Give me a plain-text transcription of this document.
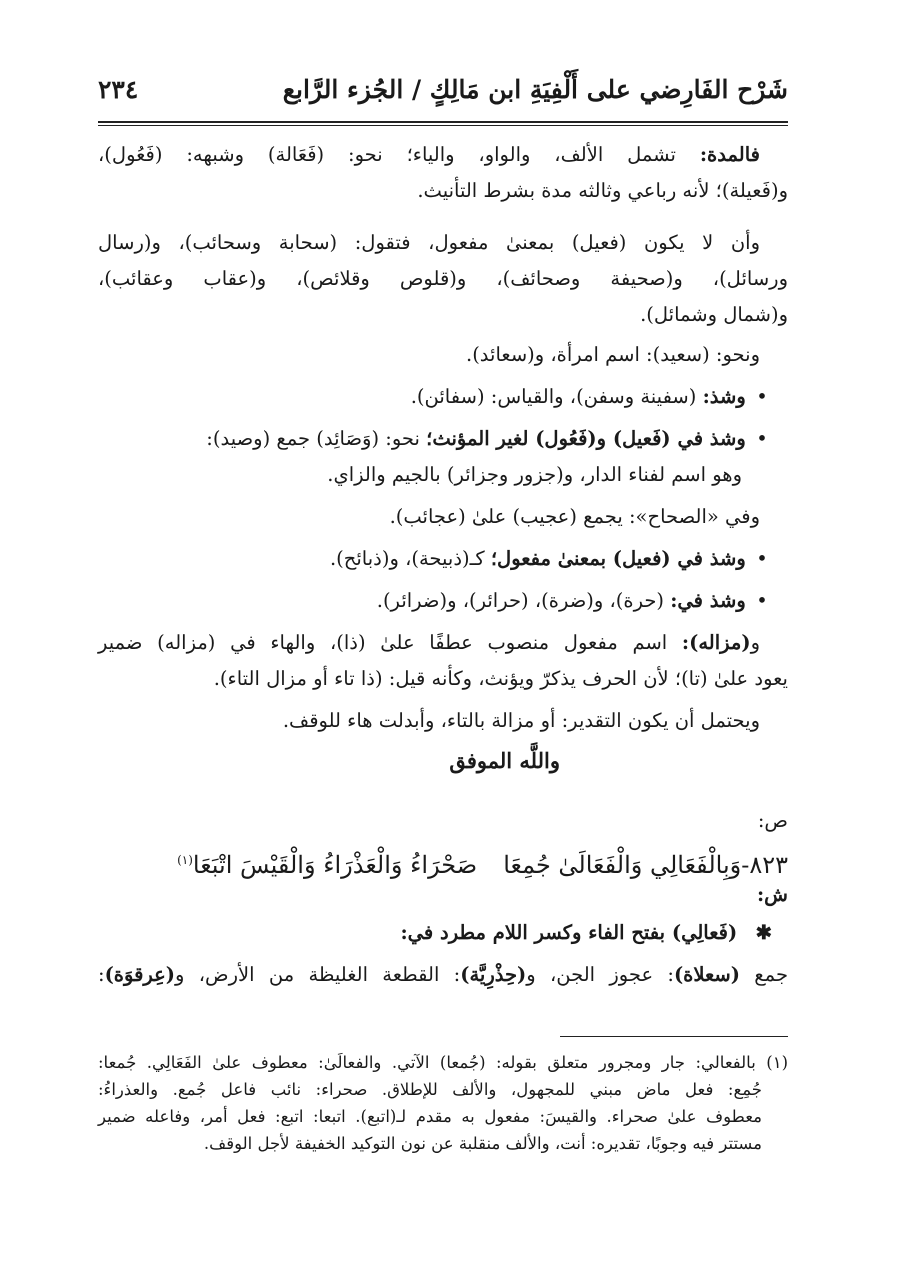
شَرْح الفَارِضي على أَلْفِيَةِ ابن مَالِكٍ / الجُزء الرَّابع
٢٣٤
فالمدة: تشمل الألف، والواو، والياء؛ نحو: (فَعَالة) وشبهه: (فَعُول)،
و(فَعيلة)؛ لأنه رباعي وثالثه مدة بشرط التأنيث.
وأن لا يكون (فعيل) بمعنىٰ مفعول، فتقول: (سحابة وسحائب)، و(رسال
ورسائل)، و(صحيفة وصحائف)، و(قلوص وقلائص)، و(عقاب وعقائب)،
و(شمال وشمائل).
ونحو: (سعيد): اسم امرأة، و(سعائد).
• وشذ: (سفينة وسفن)، والقياس: (سفائن).
• وشذ في (فَعيل) و(فَعُول) لغير المؤنث؛ نحو: (وَصَائِد) جمع (وصيد):
وهو اسم لفناء الدار، و(جزور وجزائر) بالجيم والزاي.
وفي «الصحاح»: يجمع (عجيب) علىٰ (عجائب).
• وشذ في (فعيل) بمعنىٰ مفعول؛ كـ(ذبيحة)، و(ذبائح).
• وشذ في: (حرة)، و(ضرة)، (حرائر)، و(ضرائر).
و(مزاله): اسم مفعول منصوب عطفًا علىٰ (ذا)، والهاء في (مزاله) ضمير
يعود علىٰ (تا)؛ لأن الحرف يذكرّ ويؤنث، وكأنه قيل: (ذا تاء أو مزال التاء).
ويحتمل أن يكون التقدير: أو مزالة بالتاء، وأبدلت هاء للوقف.
واللَّه الموفق
ص:
٨٢٣-وَبِالْفَعَالِي وَالْفَعَالَىٰ جُمِعَاصَحْرَاءُ وَالْعَذْرَاءُ وَالْقَيْسَ اتْبَعَا$^{(١)}$
ش:
✱ (فَعالِي) بفتح الفاء وكسر اللام مطرد في:
جمع (سعلاة): عجوز الجن، و(حِذْرِيَّة): القطعة الغليظة من الأرض، و(عِرقوَة):
(١) بالفعالي: جار ومجرور متعلق بقوله: (جُمعا) الآتي. والفعالَىٰ: معطوف علىٰ الفَعَالِي. جُمعا:
جُمِع: فعل ماض مبني للمجهول، والألف للإطلاق. صحراء: نائب فاعل جُمع. والعذراءُ:
معطوف علىٰ صحراء. والقيسَ: مفعول به مقدم لـ(اتبع). اتبعا: اتبع: فعل أمر، وفاعله ضمير
مستتر فيه وجوبًا، تقديره: أنت، والألف منقلبة عن نون التوكيد الخفيفة لأجل الوقف.
